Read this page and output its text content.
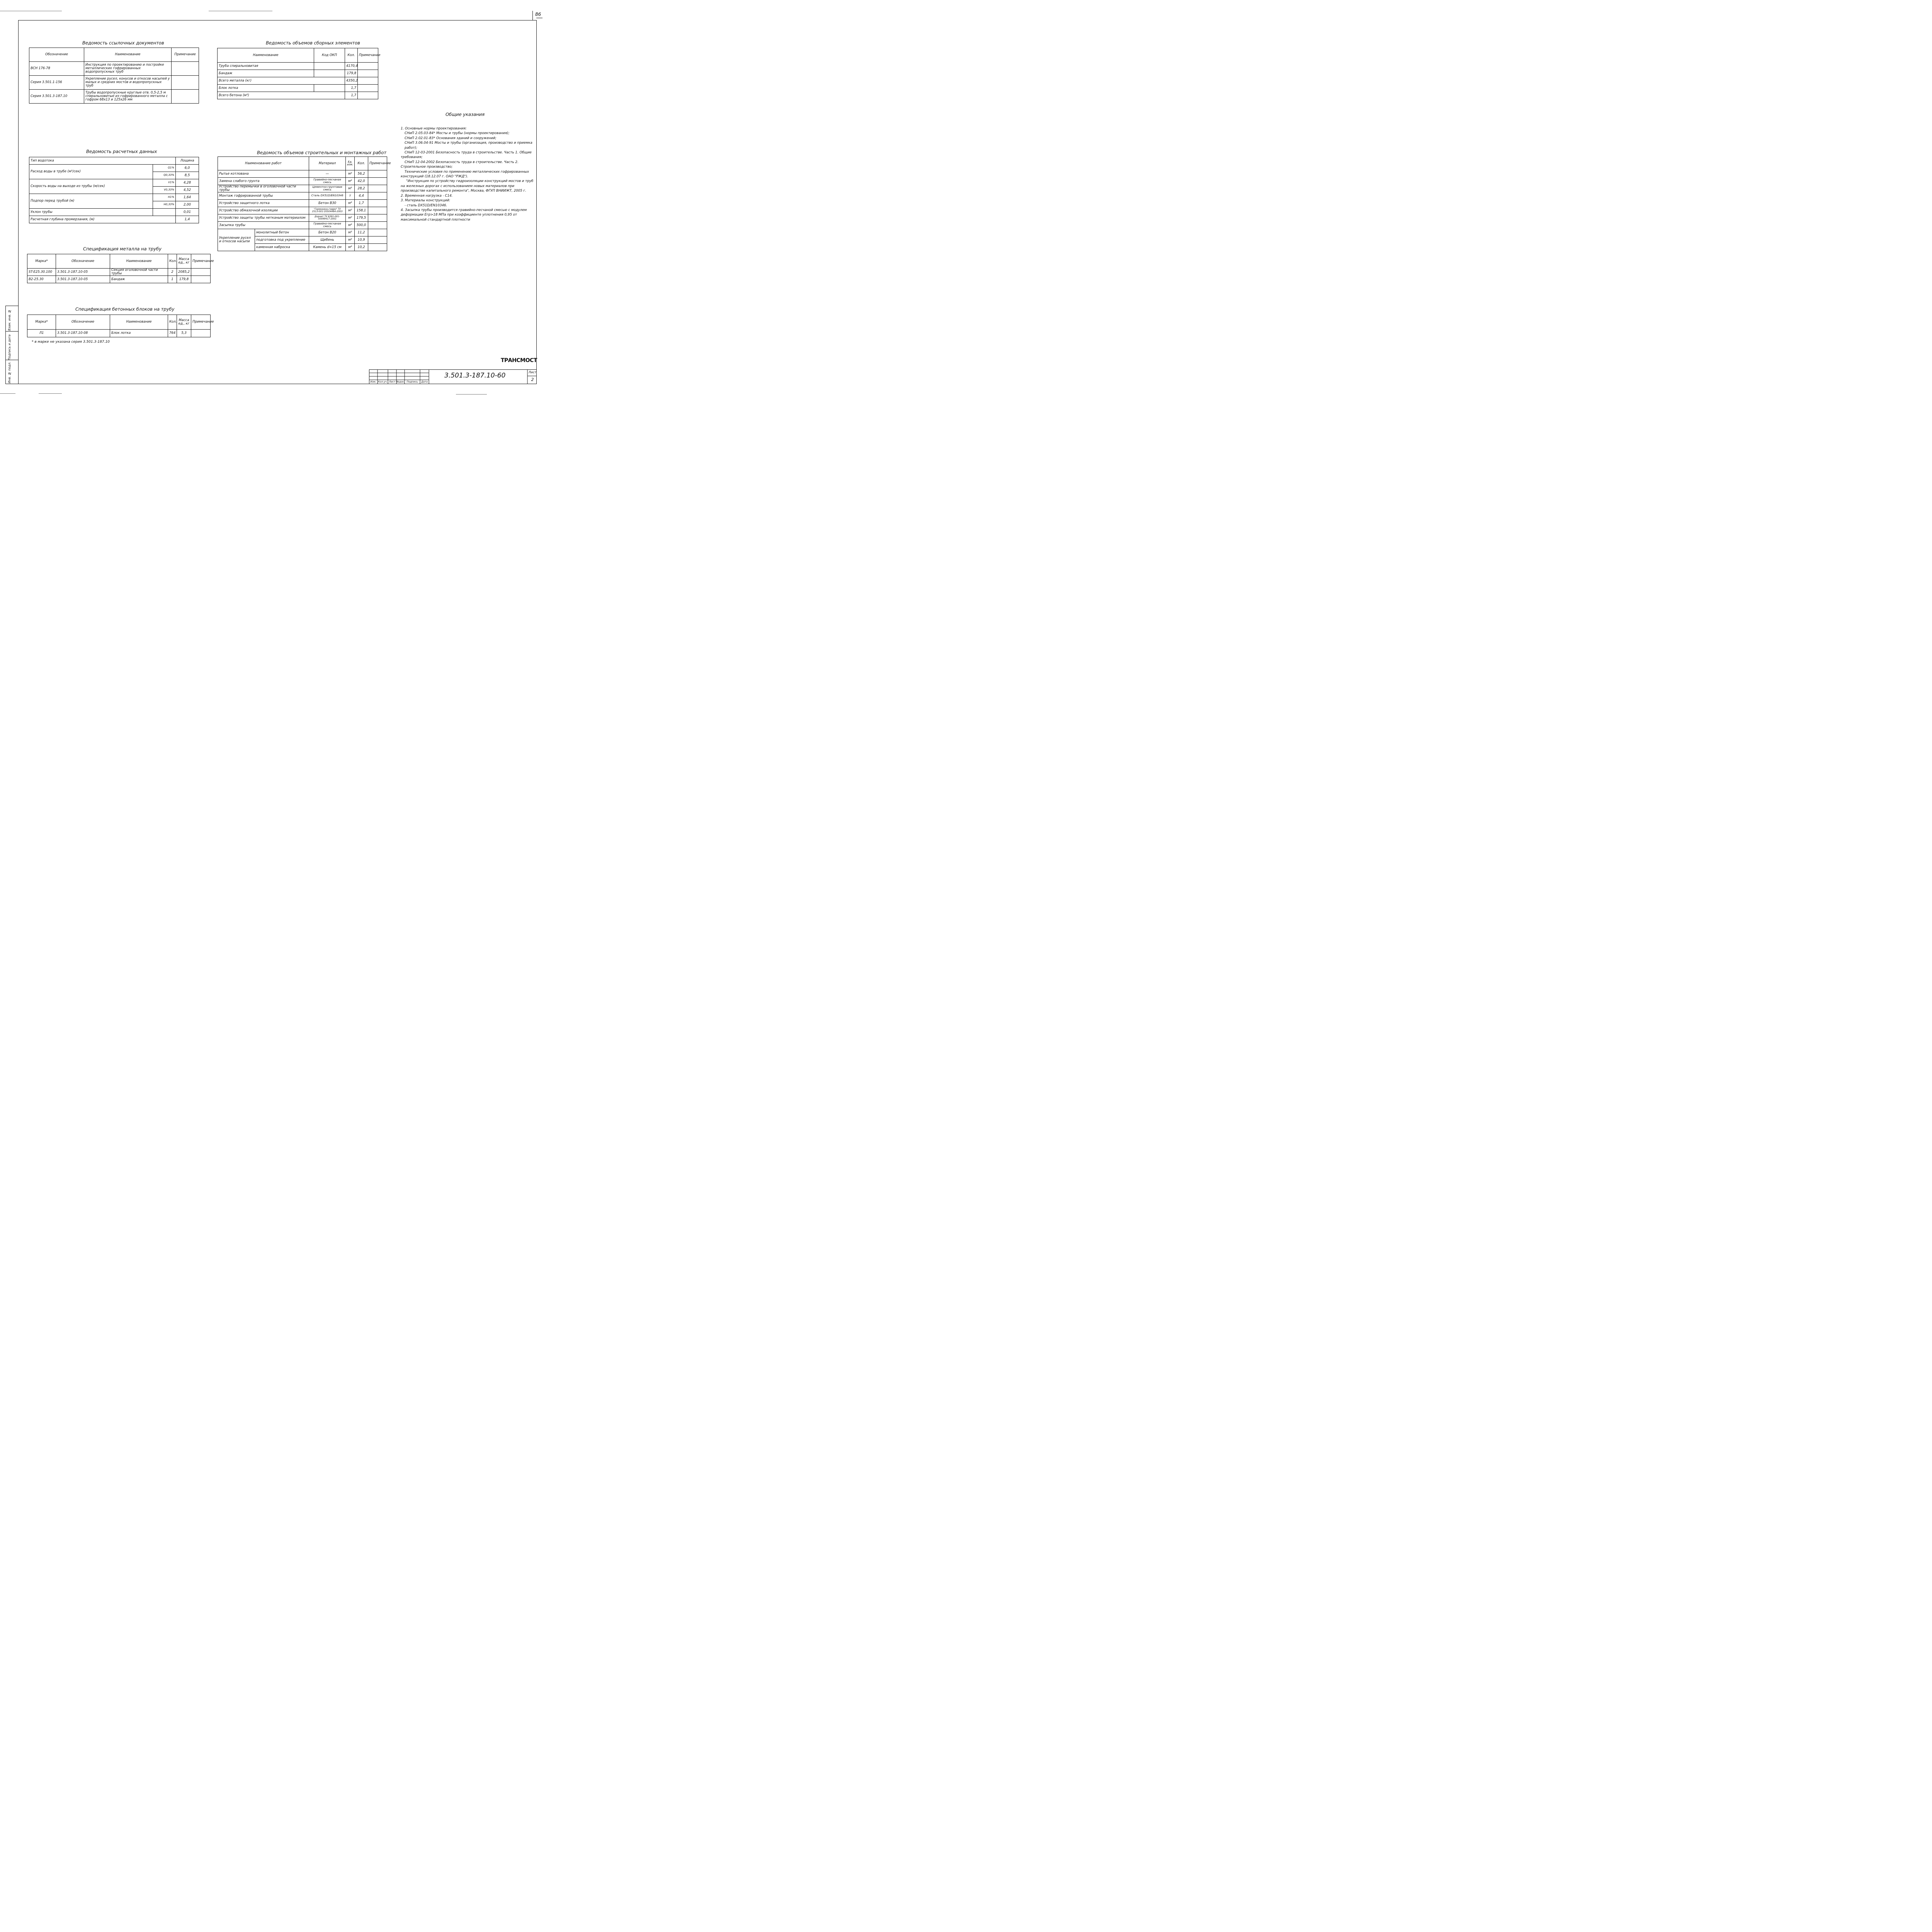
86
Ведомость ссылочных документов
Обозначение	Наименование	Примечание
ВСН 176-78	Инструкция по проектированию и постройке металлических гофрированных водопропускных труб	
Серия 3.501.1-156	Укрепление русел, конусов и откосов насыпей у малых и средних мостов и водопропускных труб	
Серия 3.501.3-187.10	Трубы водопропускные круглые отв. 0,5-2,5 м спиральновитые из гофрированного металла с гофром 68х13 и 125х26 мм	
Ведомость объемов сборных элементов
Наименование	Код ОКП	Кол.	Примечание
Труба спиральновитая		4170,4	
Бандаж		179,8	
Всего металла (кг)		4350,2	
Блок лотка		1,7	
Всего бетона (м³)		1,7	
Ведомость расчетных данных
Тип водотока		Лощина
Расход воды в трубе (м³/сек)	Q1%	6,0
	Q0,33%	8,5
Скорость воды на выходе из трубы (м/сек)	V1%	4,28
	V0,33%	4,52
Подпор перед трубой (м)	H1%	1,64
	H0,33%	2,00
Уклон трубы		0,01
Расчетная глубина промерзания, (м)		1,4
Ведомость объемов строительных и монтажных работ
Наименование работ		Материал	Ед. изм.	Кол.	Примечание
Рытье котлована		—	м³	56,2	
Замена слабого грунта		Гравийно-песчаная смесь	м³	42,0	
Устройство перемычки в оголовочной части трубы		Цементно-грунтовая смесь	м³	28,2	
Монтаж гофрированной трубы		Сталь DX51D/EN10346	т	4,4	
Устройство защитного лотка		Бетон В30	м³	1,7	
Устройство обмазочной изоляции		"Гермокрон-гидро" ТУ 2513-001-20504464-2003	м²	158,1	
Устройство защиты трубы нетканым материалом		Дорнит ТУ 8391-001-50099417-2001	м²	179,5	
Засыпка трубы		Гравийно-песчаная смесь	м³	500,0	
Укрепление русел и откосов насыпи	монолитный бетон	Бетон В20	м³	11,2	
	подготовка под укрепление	Щебень	м³	10,9	
	каменная наброска	Камень d=15 см	м³	10,2	
Спецификация металла на трубу
Марка*	Обозначение	Наименование	Кол.	Масса ед., кг	Примечание
ST-E25.30.100	3.501.3-187.10-05	Секция оголовочной части трубы	2	2085,2	
B2-25.30	3.501.3-187.10-05	Бандаж	1	179,8	
Спецификация бетонных блоков на трубу
Марка*	Обозначение	Наименование	Кол.	Масса ед., кг	Примечание
Л1	3.501.3-187.10-08	Блок лотка	764	5,3	
* в марке не указана серия 3.501.3-187.10
Общие указания

1. Основные нормы проектирования:

СНиП 2.05.03-84* Мосты и трубы (нормы проектирования);

СНиП 2.02.01-83* Основания зданий и сооружений;

СНиП 3.06.04-91 Мосты и трубы (организация, производство и приемка работ);

СНиП 12-03-2001 Безопасность труда в строительстве. Часть 1. Общие требования;

СНиП 12-04-2002 Безопасность труда в строительстве. Часть 2. Строительное производство;

Технические условия по применению металлических гофрированных конструкций (18.12.07 г. ОАО "РЖД").

"Инструкция по устройству гидроизоляции конструкций мостов и труб на железных дорогах с использованием новых материалов при производстве капитального ремонта", Москва, ФГУП ВНИИЖТ, 2005 г.

2. Временная нагрузка - С14.

3. Материалы конструкций:

- сталь DX51D/EN10346.

4. Засыпка трубы производится гравийно-песчаной смесью с модулем деформации Егр>18 МПа при коэффициенте уплотнения 0,95 от максимальной стандартной плотности

Взам. инв. №
Подпись и дата
Инв. № подл.
ТРАНСМОСТ
Изм. Кол.уч. Лист №док. Подпись	Дата
3.501.3-187.10-60	Лист
2
